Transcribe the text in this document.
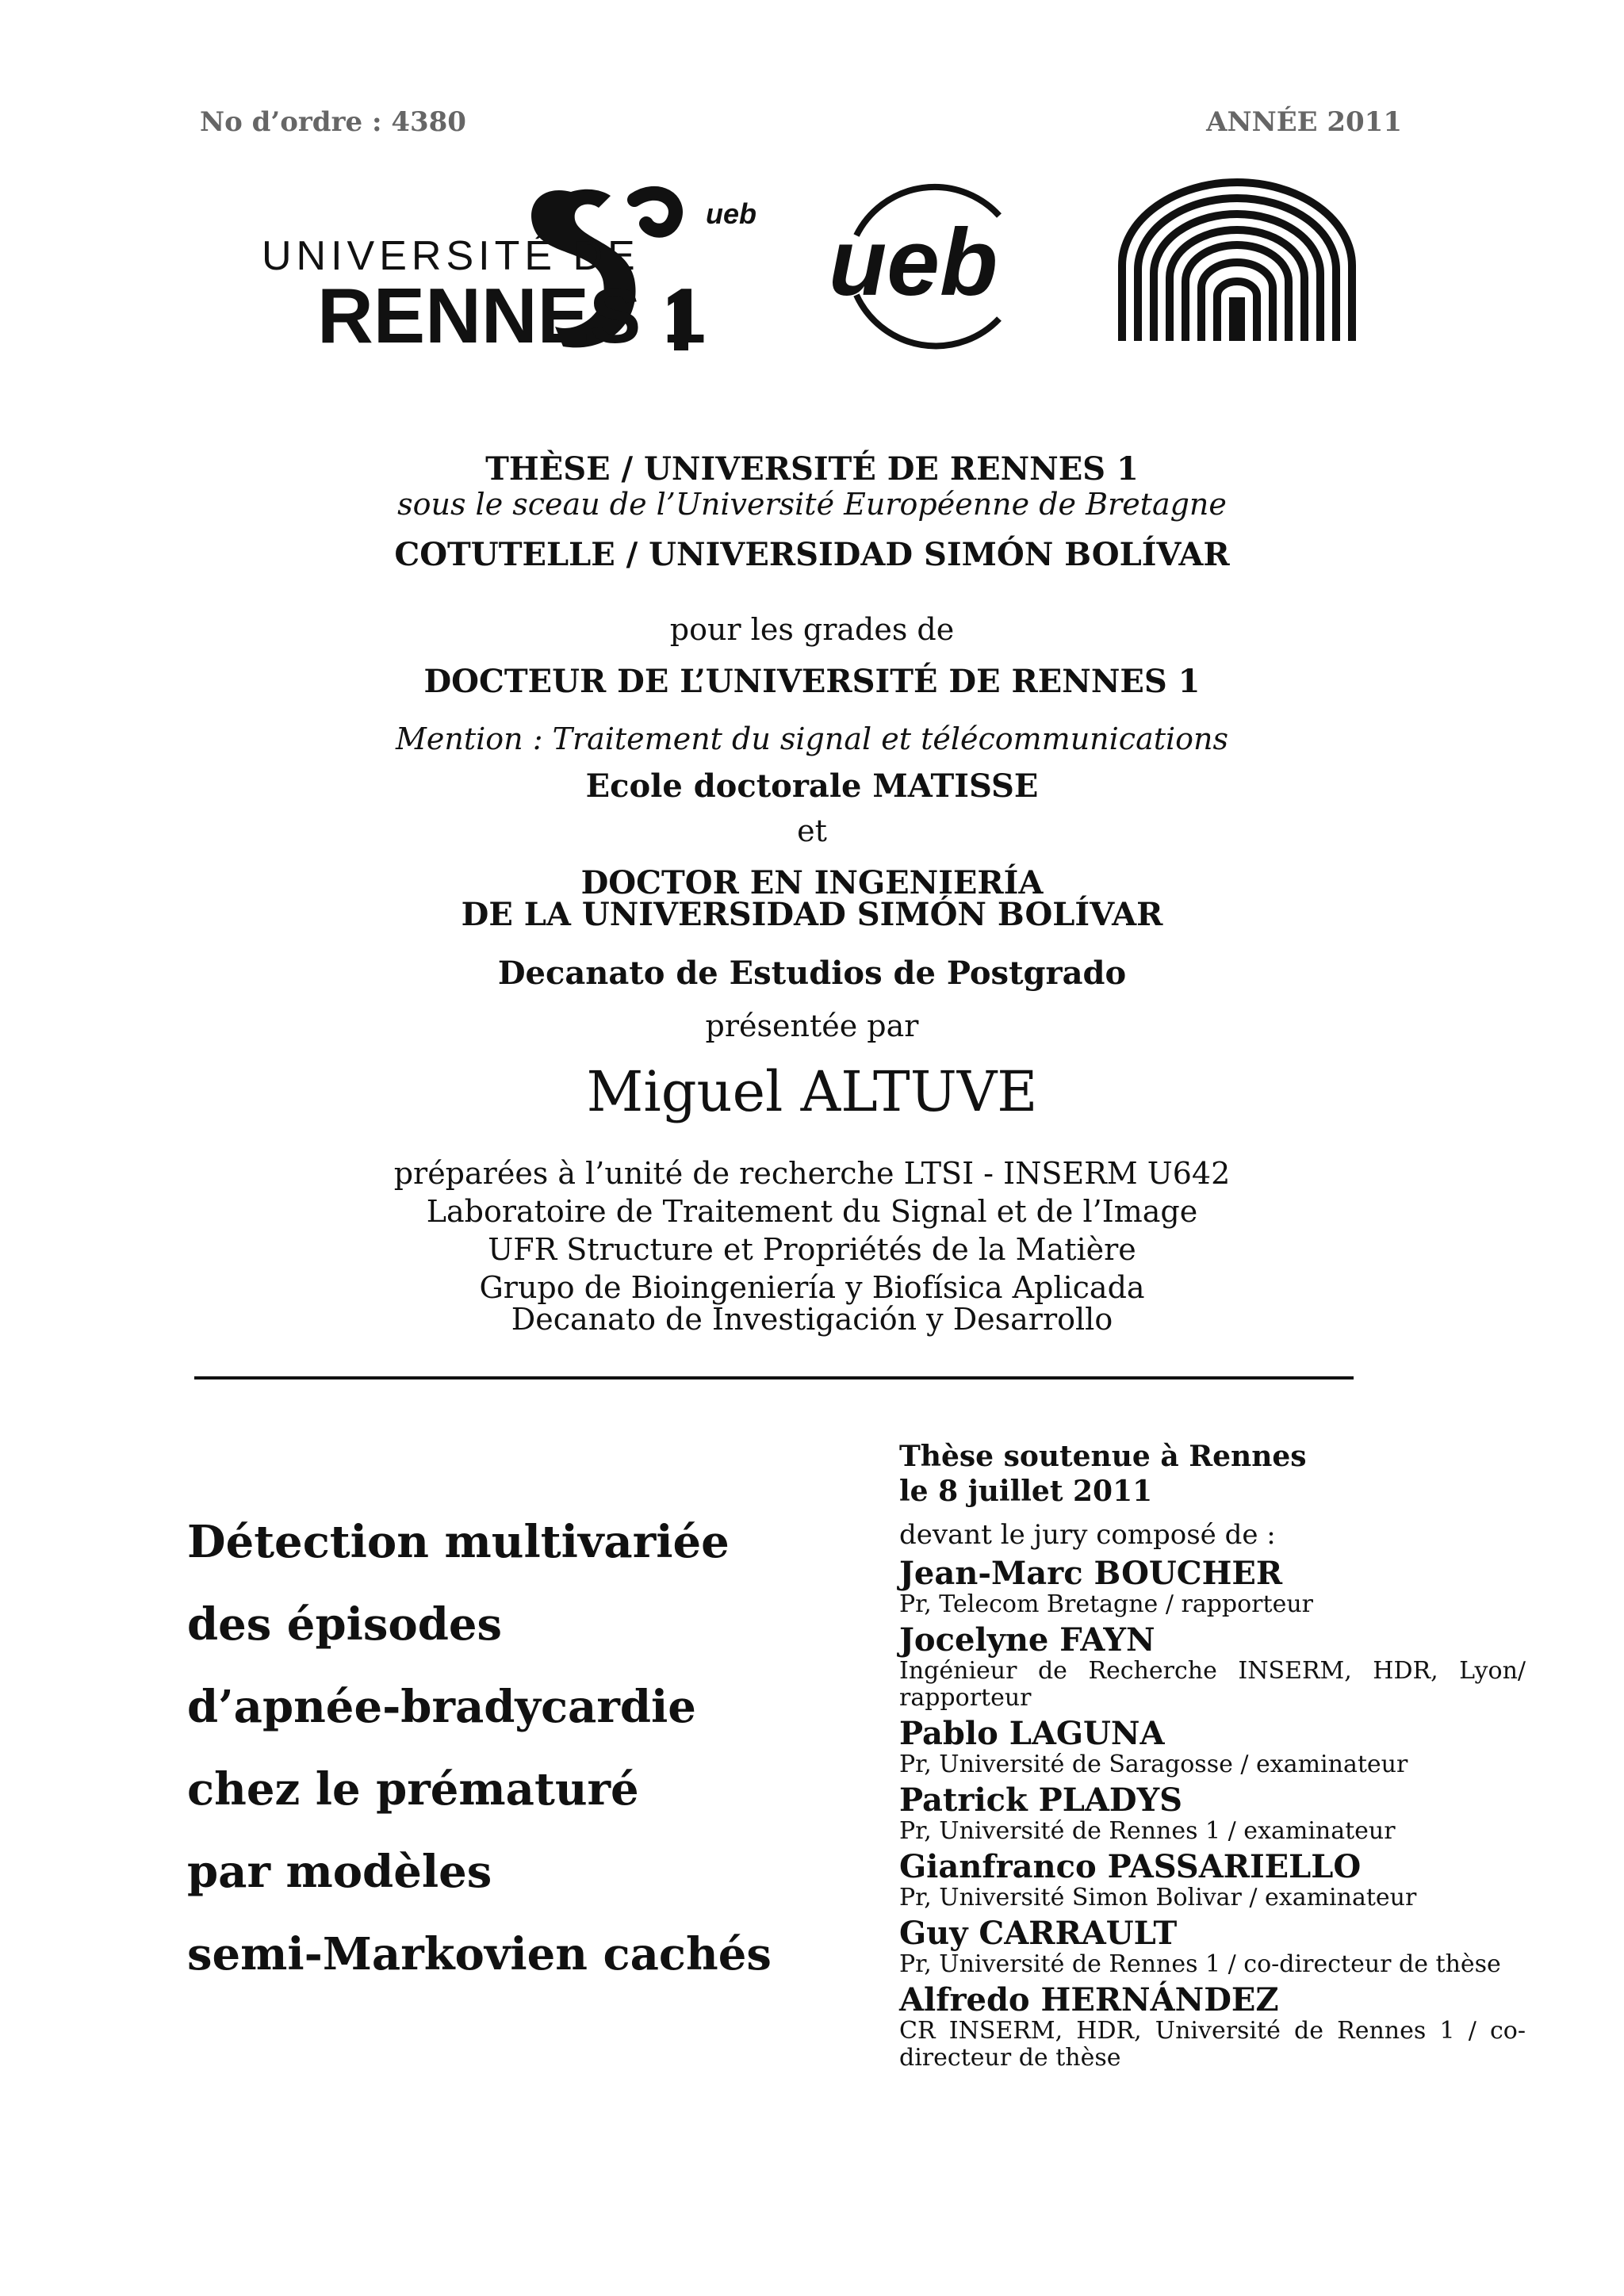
No d’ordre : 4380	ANNÉE 2011
UNIVERSITÉ DE
RENNES 1
ueb ueb
THÈSE / UNIVERSITÉ DE RENNES 1
sous le sceau de l’Université Européenne de Bretagne
COTUTELLE / UNIVERSIDAD SIMÓN BOLÍVAR
pour les grades de
DOCTEUR DE L’UNIVERSITÉ DE RENNES 1
Mention : Traitement du signal et télécommunications
Ecole doctorale MATISSE
et
DOCTOR EN INGENIERÍA
DE LA UNIVERSIDAD SIMÓN BOLÍVAR
Decanato de Estudios de Postgrado
présentée par
Miguel ALTUVE
préparées à l’unité de recherche LTSI - INSERM U642
Laboratoire de Traitement du Signal et de l’Image
UFR Structure et Propriétés de la Matière
Grupo de Bioingeniería y Biofísica Aplicada
Decanato de Investigación y Desarrollo
Détection multivariée
des épisodes
d’apnée-bradycardie
chez le prématuré
par modèles
semi-Markovien cachés
Thèse soutenue à Rennes
le 8 juillet 2011
devant le jury composé de :
Jean-Marc BOUCHER
Pr, Telecom Bretagne / rapporteur
Jocelyne FAYN
Ingénieur de Recherche INSERM, HDR, Lyon/ rapporteur
Pablo LAGUNA
Pr, Université de Saragosse / examinateur
Patrick PLADYS
Pr, Université de Rennes 1 / examinateur
Gianfranco PASSARIELLO
Pr, Université Simon Bolivar / examinateur
Guy CARRAULT
Pr, Université de Rennes 1 / co-directeur de thèse
Alfredo HERNÁNDEZ
CR INSERM, HDR, Université de Rennes 1 / co-directeur de thèse
